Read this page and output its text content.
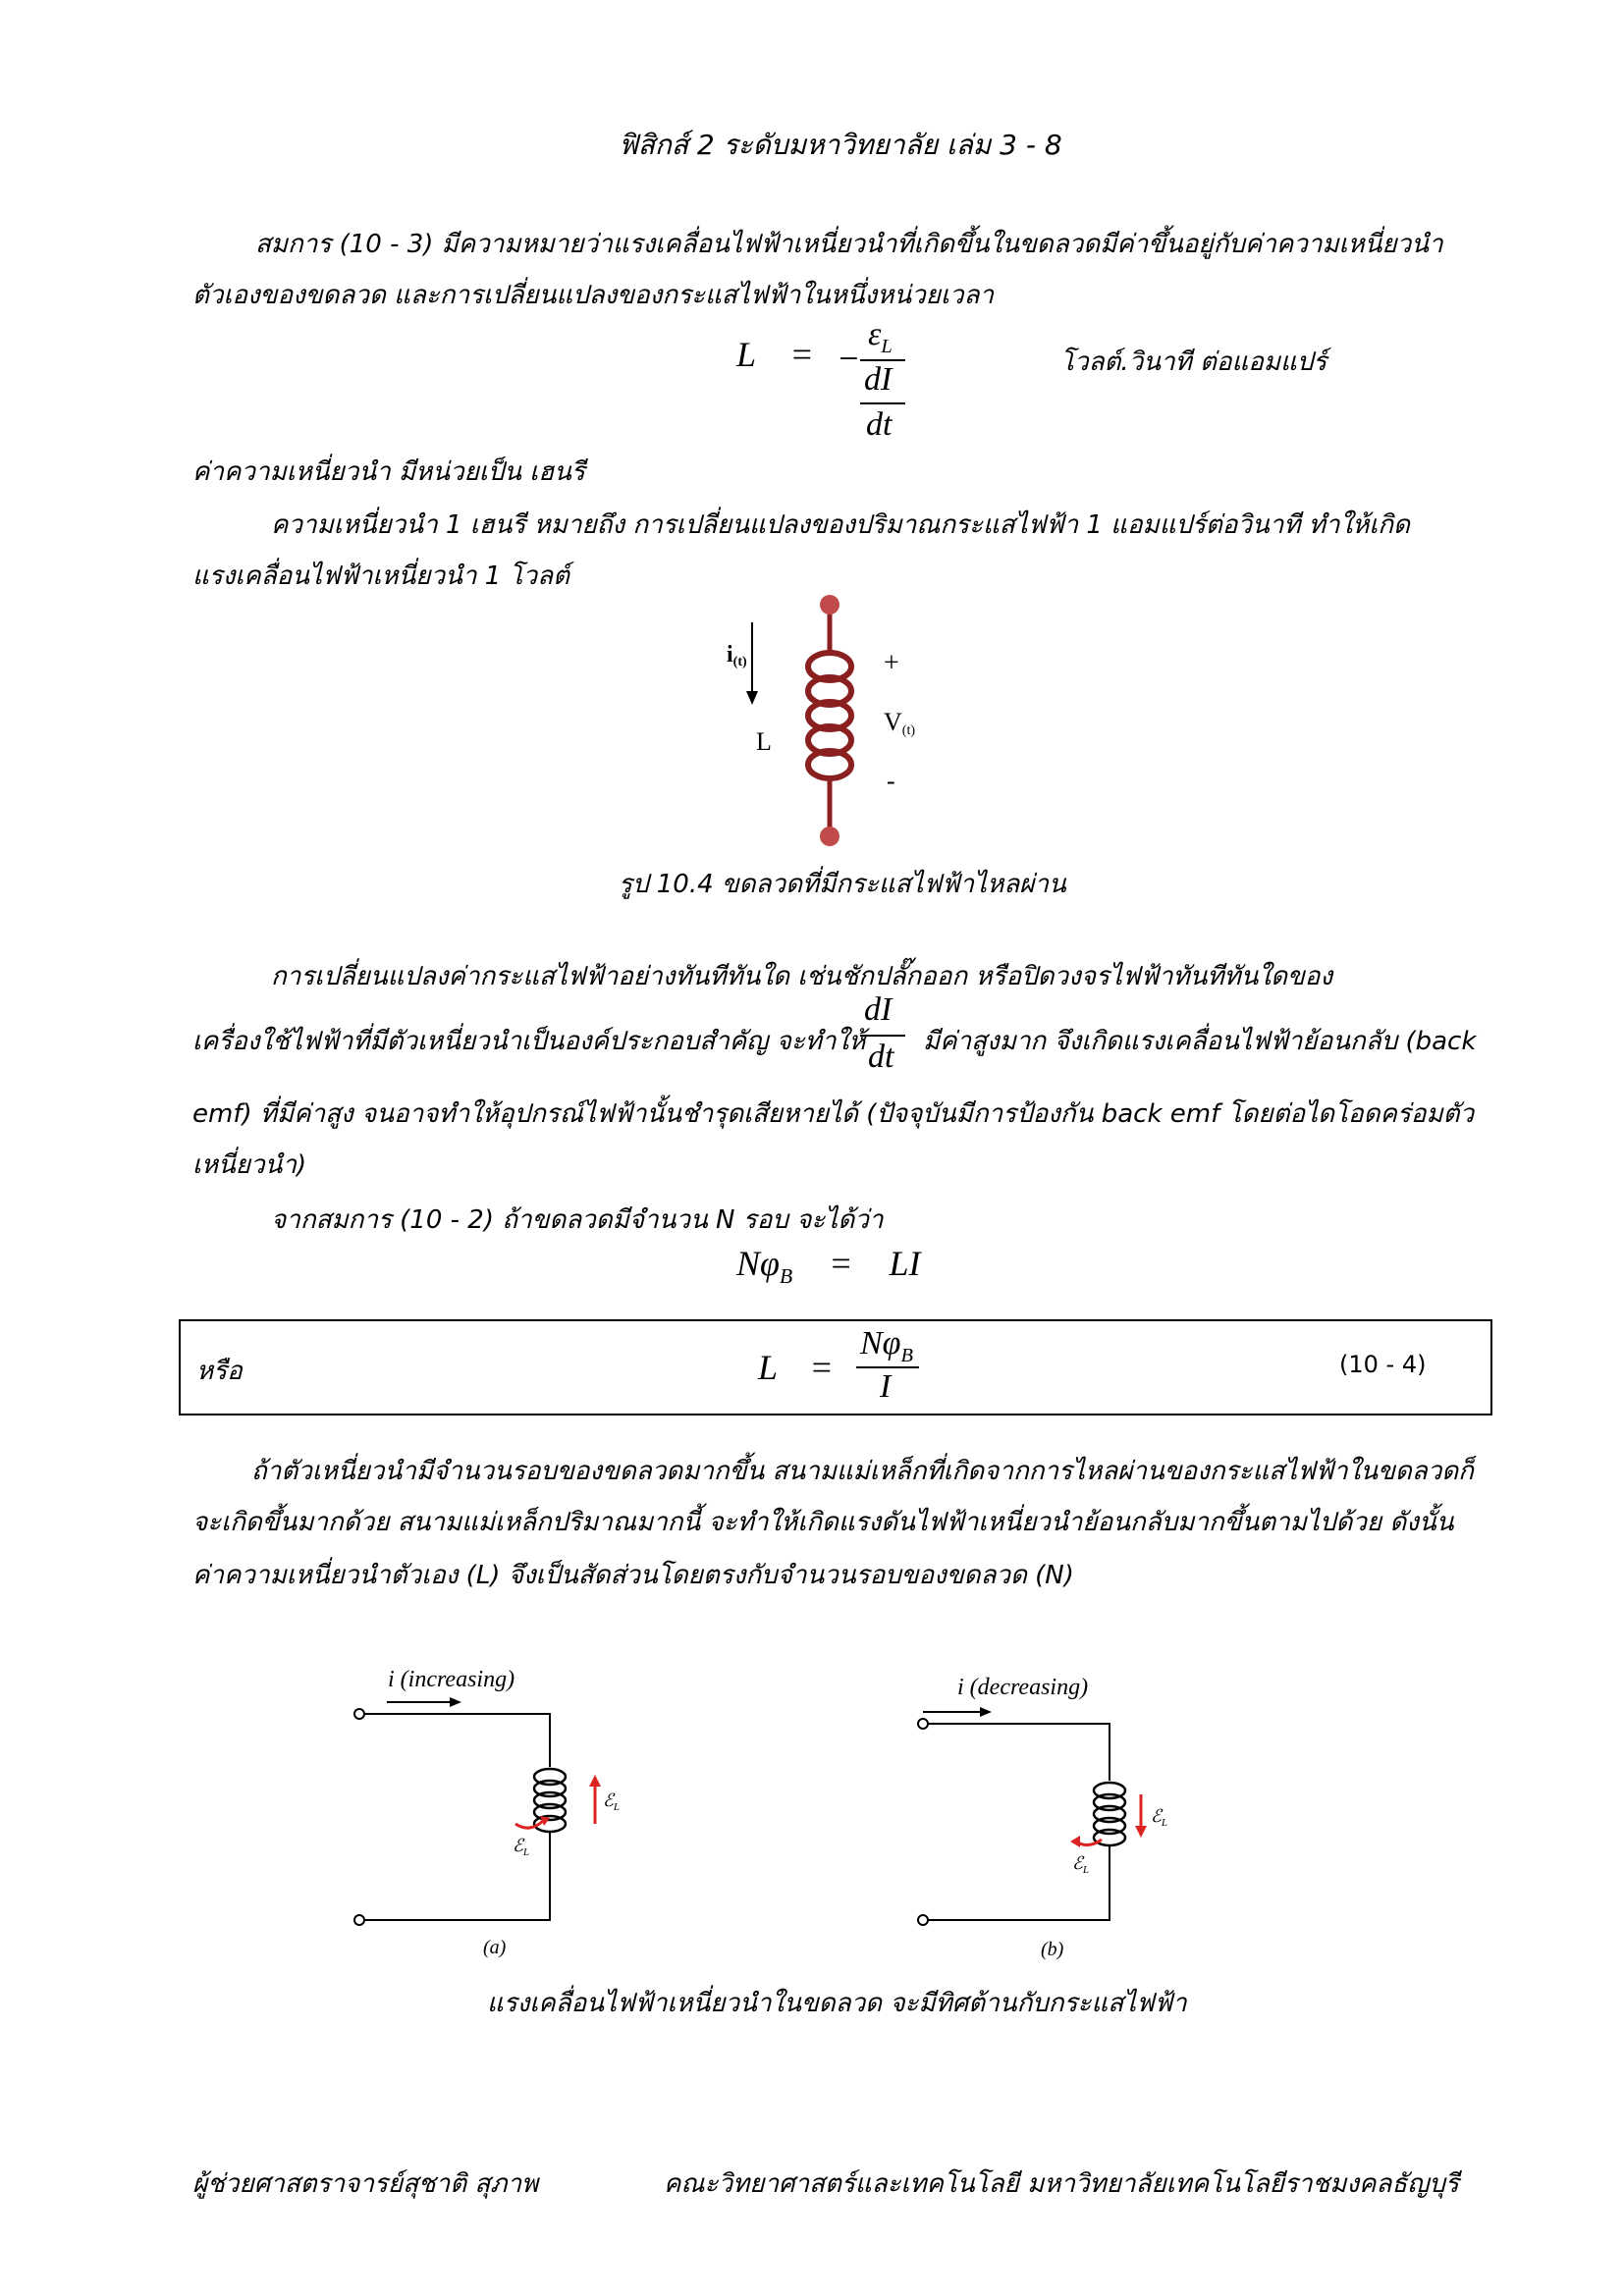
ฟิสิกส์ 2 ระดับมหาวิทยาลัย เล่ม 3 - 8
สมการ (10 - 3) มีความหมายว่าแรงเคลื่อนไฟฟ้าเหนี่ยวนำที่เกิดขึ้นในขดลวดมีค่าขึ้นอยู่กับค่าความเหนี่ยวนำ
ตัวเองของขดลวด และการเปลี่ยนแปลงของกระแสไฟฟ้าในหนึ่งหน่วยเวลา
L = −
$\varepsilon_L$
dI
dt
โวลต์.วินาที ต่อแอมแปร์
ค่าความเหนี่ยวนำ มีหน่วยเป็น เฮนรี
ความเหนี่ยวนำ 1 เฮนรี หมายถึง การเปลี่ยนแปลงของปริมาณกระแสไฟฟ้า 1 แอมแปร์ต่อวินาที ทำให้เกิด
แรงเคลื่อนไฟฟ้าเหนี่ยวนำ 1 โวลต์
i(t)
L
+
V(t)
-
รูป 10.4 ขดลวดที่มีกระแสไฟฟ้าไหลผ่าน
การเปลี่ยนแปลงค่ากระแสไฟฟ้าอย่างทันทีทันใด เช่นชักปลั๊กออก หรือปิดวงจรไฟฟ้าทันทีทันใดของ
เครื่องใช้ไฟฟ้าที่มีตัวเหนี่ยวนำเป็นองค์ประกอบสำคัญ จะทำให้
dI
dt มีค่าสูงมาก จึงเกิดแรงเคลื่อนไฟฟ้าย้อนกลับ (back
emf) ที่มีค่าสูง จนอาจทำให้อุปกรณ์ไฟฟ้านั้นชำรุดเสียหายได้ (ปัจจุบันมีการป้องกัน back emf โดยต่อไดโอดคร่อมตัว
เหนี่ยวนำ)
จากสมการ (10 - 2) ถ้าขดลวดมีจำนวน N รอบ จะได้ว่า
$N\varphi_B$ = LI
หรือ	L =
$N\varphi_B$
I
(10 - 4)
ถ้าตัวเหนี่ยวนำมีจำนวนรอบของขดลวดมากขึ้น สนามแม่เหล็กที่เกิดจากการไหลผ่านของกระแสไฟฟ้าในขดลวดก็
จะเกิดขึ้นมากด้วย สนามแม่เหล็กปริมาณมากนี้ จะทำให้เกิดแรงดันไฟฟ้าเหนี่ยวนำย้อนกลับมากขึ้นตามไปด้วย ดังนั้น
ค่าความเหนี่ยวนำตัวเอง (L) จึงเป็นสัดส่วนโดยตรงกับจำนวนรอบของขดลวด (N)
i (increasing)
ℰ$_L$
ℰ$_L$
(a)
i (decreasing)
ℰ$_L$
ℰ$_L$
(b)
แรงเคลื่อนไฟฟ้าเหนี่ยวนำในขดลวด จะมีทิศต้านกับกระแสไฟฟ้า
ผู้ช่วยศาสตราจารย์สุชาติ สุภาพ	คณะวิทยาศาสตร์และเทคโนโลยี มหาวิทยาลัยเทคโนโลยีราชมงคลธัญบุรี
